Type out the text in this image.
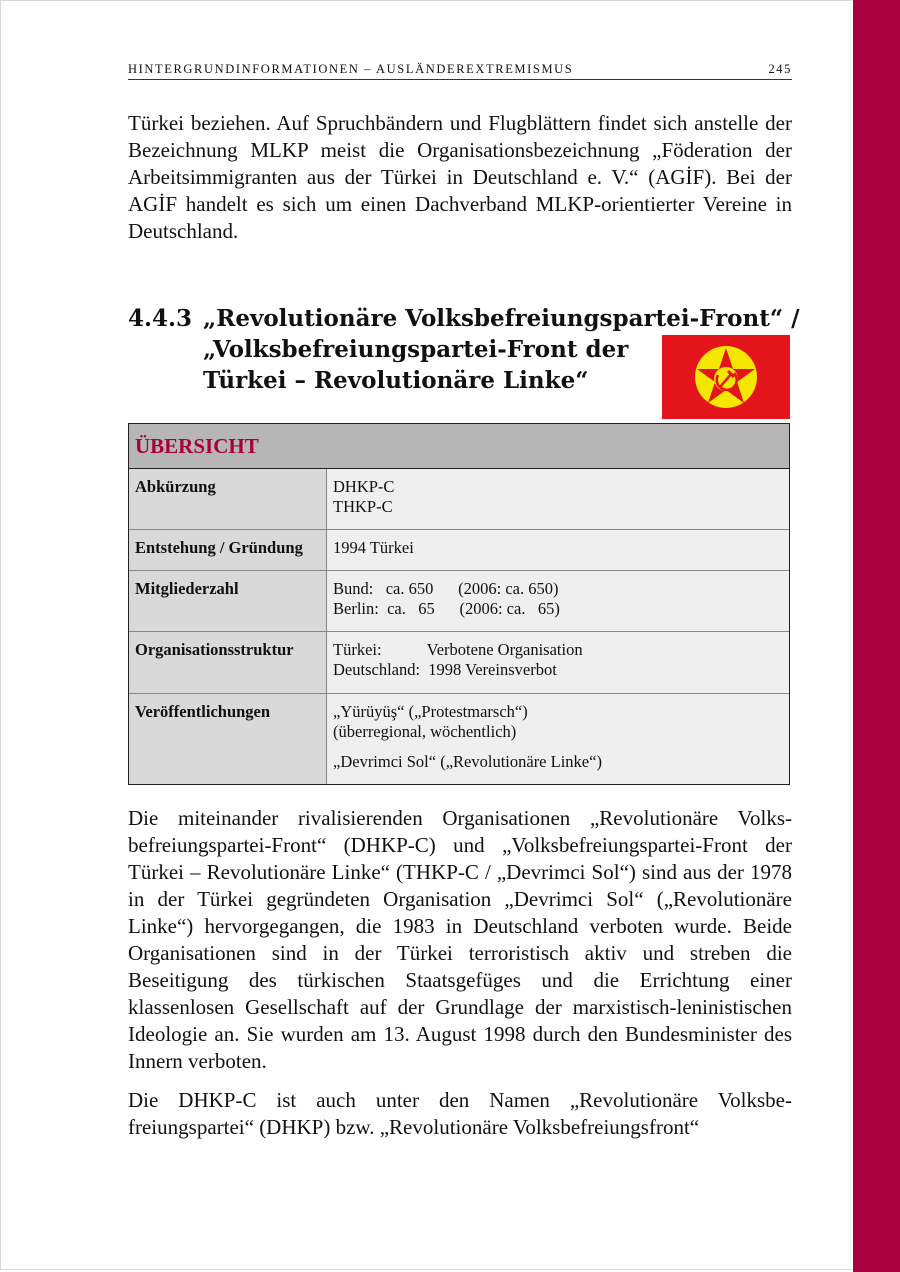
HINTERGRUNDINFORMATIONEN – AUSLÄNDEREXTREMISMUS	245

Türkei beziehen. Auf Spruchbändern und Flugblättern findet sich anstelle der Bezeichnung MLKP meist die Organisationsbezeichnung „Föderation der Arbeitsimmigranten aus der Türkei in Deutschland e. V.“ (AGİF). Bei der AGİF handelt es sich um einen Dachverband MLKP-orientierter Vereine in Deutschland.

4.4.3 „Revolutionäre Volksbefreiungspartei-Front“ /
„Volksbefreiungspartei-Front der
Türkei – Revolutionäre Linke“
ÜBERSICHT
Abkürzung	DHKP-C
THKP-C
Entstehung / Gründung	1994 Türkei
Mitgliederzahl	Bund:   ca. 650      (2006: ca. 650)
Berlin:  ca.   65      (2006: ca.   65)
Organisationsstruktur	Türkei:           Verbotene Organisation
Deutschland:  1998 Vereinsverbot
Veröffentlichungen	„Yürüyüş“ („Protestmarsch“)
(überregional, wöchentlich)
„Devrimci Sol“ („Revolutionäre Linke“)

Die miteinander rivalisierenden Organisationen „Revolutionäre Volksbefreiungspartei-Front“ (DHKP-C) und „Volksbefreiungspartei-Front der Türkei – Revolutionäre Linke“ (THKP-C / „Devrimci Sol“) sind aus der 1978 in der Türkei gegründeten Organisation „Devrimci Sol“ („Revolutionäre Linke“) hervorgegangen, die 1983 in Deutschland verboten wurde. Beide Organisationen sind in der Türkei terroristisch aktiv und streben die Beseitigung des türkischen Staatsgefüges und die Errichtung einer klassenlosen Gesellschaft auf der Grundlage der marxistisch-leninistischen Ideologie an. Sie wurden am 13. August 1998 durch den Bundesminister des Innern verboten.

Die DHKP-C ist auch unter den Namen „Revolutionäre Volksbefreiungspartei“ (DHKP) bzw. „Revolutionäre Volksbefreiungsfront“
